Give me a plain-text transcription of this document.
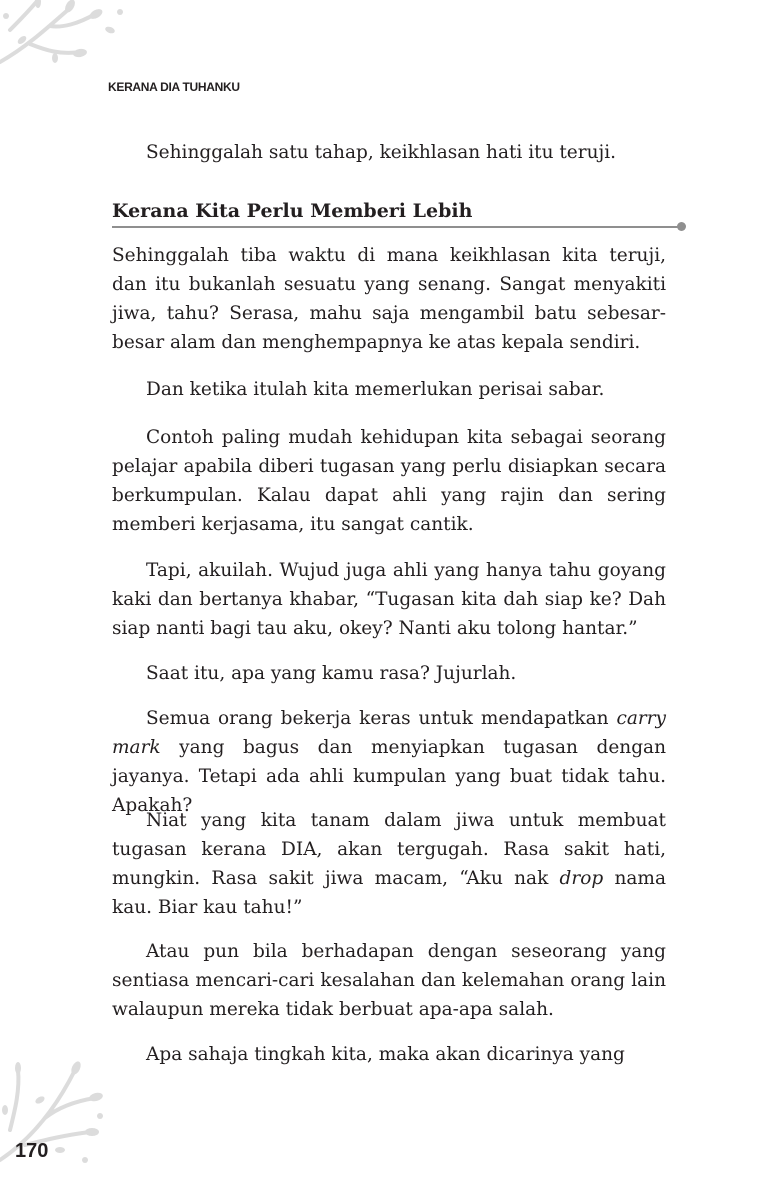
KERANA DIA TUHANKU

Sehinggalah satu tahap, keikhlasan hati itu teruji.

Kerana Kita Perlu Memberi Lebih

Sehinggalah tiba waktu di mana keikhlasan kita teruji, dan itu bukanlah sesuatu yang senang. Sangat menyakiti jiwa, tahu? Serasa, mahu saja mengambil batu sebesar-besar alam dan menghempapnya ke atas kepala sendiri.

Dan ketika itulah kita memerlukan perisai sabar.

Contoh paling mudah kehidupan kita sebagai seorang pelajar apabila diberi tugasan yang perlu disiapkan secara berkumpulan. Kalau dapat ahli yang rajin dan sering memberi kerjasama, itu sangat cantik.

Tapi, akuilah. Wujud juga ahli yang hanya tahu goyang kaki dan bertanya khabar, “Tugasan kita dah siap ke? Dah siap nanti bagi tau aku, okey? Nanti aku tolong hantar.”

Saat itu, apa yang kamu rasa? Jujurlah.

Semua orang bekerja keras untuk mendapatkan carry mark yang bagus dan menyiapkan tugasan dengan jayanya. Tetapi ada ahli kumpulan yang buat tidak tahu. Apakah?

Niat yang kita tanam dalam jiwa untuk membuat tugasan kerana DIA, akan tergugah. Rasa sakit hati, mungkin. Rasa sakit jiwa macam, “Aku nak drop nama kau. Biar kau tahu!”

Atau pun bila berhadapan dengan seseorang yang sentiasa mencari-cari kesalahan dan kelemahan orang lain walaupun mereka tidak berbuat apa-apa salah.

Apa sahaja tingkah kita, maka akan dicarinya yang

170
